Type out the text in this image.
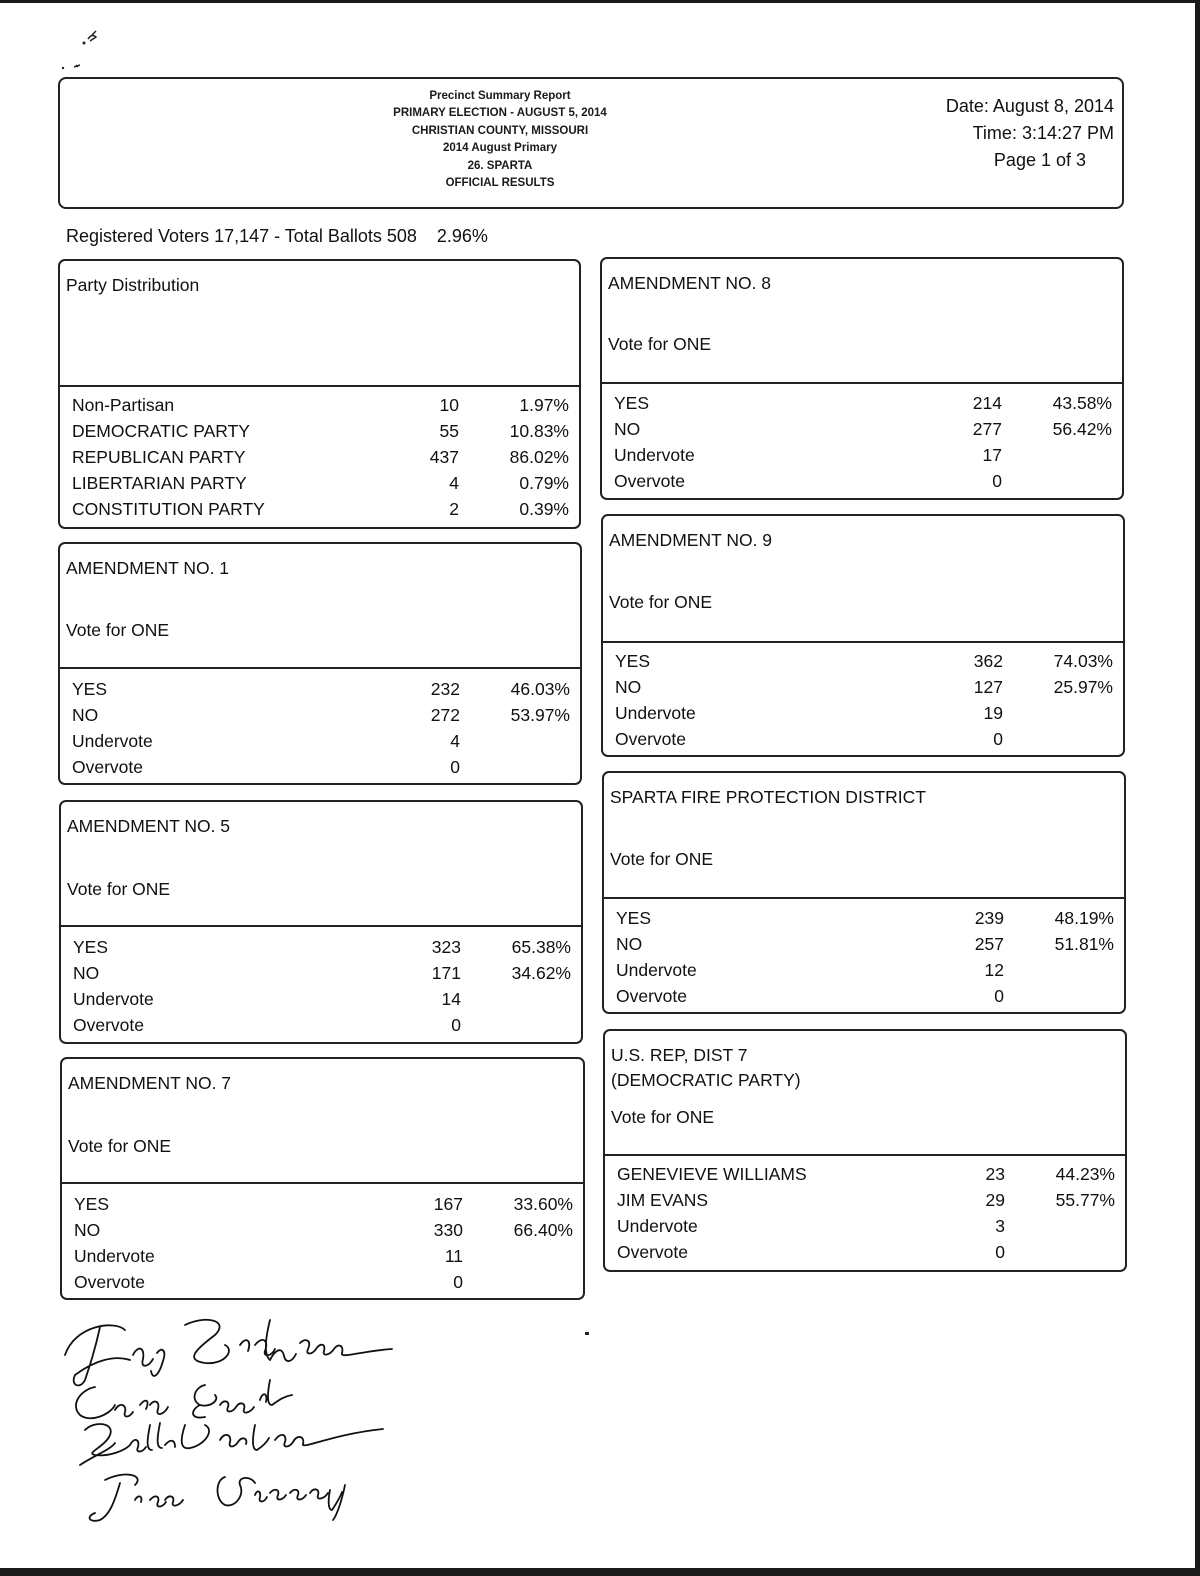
Precinct Summary Report
PRIMARY ELECTION - AUGUST 5, 2014
CHRISTIAN COUNTY, MISSOURI
2014 August Primary
26. SPARTA
OFFICIAL RESULTS
Date: August 8, 2014
Time: 3:14:27 PM
Page 1 of 3
Registered Voters 17,147 - Total Ballots 508 2.96%
Party Distribution
Non-Partisan	10	1.97%
DEMOCRATIC PARTY	55	10.83%
REPUBLICAN PARTY	437	86.02%
LIBERTARIAN PARTY	4	0.79%
CONSTITUTION PARTY	2	0.39%
AMENDMENT NO. 1
Vote for ONE
YES	232	46.03%
NO	272	53.97%
Undervote	4
Overvote	0
AMENDMENT NO. 5
Vote for ONE
YES	323	65.38%
NO	171	34.62%
Undervote	14
Overvote	0
AMENDMENT NO. 7
Vote for ONE
YES	167	33.60%
NO	330	66.40%
Undervote	11
Overvote	0
AMENDMENT NO. 8
Vote for ONE
YES	214	43.58%
NO	277	56.42%
Undervote	17
Overvote	0
AMENDMENT NO. 9
Vote for ONE
YES	362	74.03%
NO	127	25.97%
Undervote	19
Overvote	0
SPARTA FIRE PROTECTION DISTRICT
Vote for ONE
YES	239	48.19%
NO	257	51.81%
Undervote	12
Overvote	0
U.S. REP, DIST 7
(DEMOCRATIC PARTY)
Vote for ONE
GENEVIEVE WILLIAMS	23	44.23%
JIM EVANS	29	55.77%
Undervote	3
Overvote	0
